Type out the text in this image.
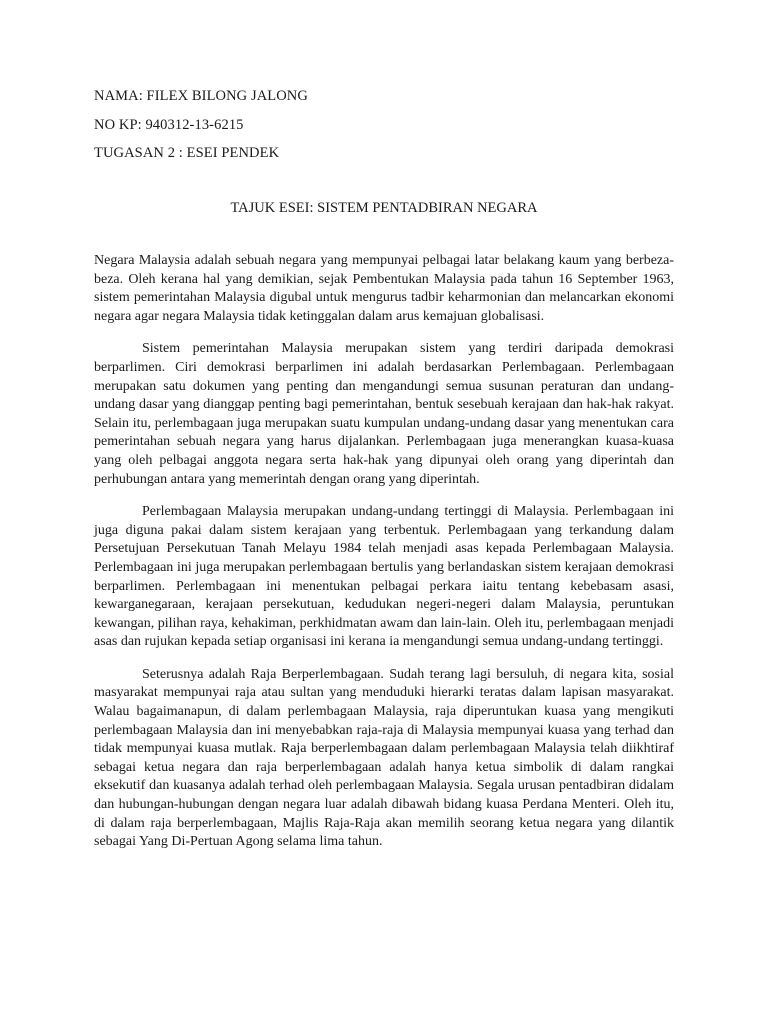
NAMA: FILEX BILONG JALONG
NO KP: 940312-13-6215
TUGASAN 2 : ESEI PENDEK
TAJUK ESEI: SISTEM PENTADBIRAN NEGARA

Negara Malaysia adalah sebuah negara yang mempunyai pelbagai latar belakang kaum yang berbeza-beza. Oleh kerana hal yang demikian, sejak Pembentukan Malaysia pada tahun 16 September 1963, sistem pemerintahan Malaysia digubal untuk mengurus tadbir keharmonian dan melancarkan ekonomi negara agar negara Malaysia tidak ketinggalan dalam arus kemajuan globalisasi.

Sistem pemerintahan Malaysia merupakan sistem yang terdiri daripada demokrasi berparlimen. Ciri demokrasi berparlimen ini adalah berdasarkan Perlembagaan. Perlembagaan merupakan satu dokumen yang penting dan mengandungi semua susunan peraturan dan undang-undang dasar yang dianggap penting bagi pemerintahan, bentuk sesebuah kerajaan dan hak-hak rakyat. Selain itu, perlembagaan juga merupakan suatu kumpulan undang-undang dasar yang menentukan cara pemerintahan sebuah negara yang harus dijalankan. Perlembagaan juga menerangkan kuasa-kuasa yang oleh pelbagai anggota negara serta hak-hak yang dipunyai oleh orang yang diperintah dan perhubungan antara yang memerintah dengan orang yang diperintah.

Perlembagaan Malaysia merupakan undang-undang tertinggi di Malaysia. Perlembagaan ini juga diguna pakai dalam sistem kerajaan yang terbentuk. Perlembagaan yang terkandung dalam Persetujuan Persekutuan Tanah Melayu 1984 telah menjadi asas kepada Perlembagaan Malaysia. Perlembagaan ini juga merupakan perlembagaan bertulis yang berlandaskan sistem kerajaan demokrasi berparlimen. Perlembagaan ini menentukan pelbagai perkara iaitu tentang kebebasam asasi, kewarganegaraan, kerajaan persekutuan, kedudukan negeri-negeri dalam Malaysia, peruntukan kewangan, pilihan raya, kehakiman, perkhidmatan awam dan lain-lain. Oleh itu, perlembagaan menjadi asas dan rujukan kepada setiap organisasi ini kerana ia mengandungi semua undang-undang tertinggi.

Seterusnya adalah Raja Berperlembagaan. Sudah terang lagi bersuluh, di negara kita, sosial masyarakat mempunyai raja atau sultan yang menduduki hierarki teratas dalam lapisan masyarakat. Walau bagaimanapun, di dalam perlembagaan Malaysia, raja diperuntukan kuasa yang mengikuti perlembagaan Malaysia dan ini menyebabkan raja-raja di Malaysia mempunyai kuasa yang terhad dan tidak mempunyai kuasa mutlak. Raja berperlembagaan dalam perlembagaan Malaysia telah diikhtiraf sebagai ketua negara dan raja berperlembagaan adalah hanya ketua simbolik di dalam rangkai eksekutif dan kuasanya adalah terhad oleh perlembagaan Malaysia. Segala urusan pentadbiran didalam dan hubungan-hubungan dengan negara luar adalah dibawah bidang kuasa Perdana Menteri. Oleh itu, di dalam raja berperlembagaan, Majlis Raja-Raja akan memilih seorang ketua negara yang dilantik sebagai Yang Di-Pertuan Agong selama lima tahun.
